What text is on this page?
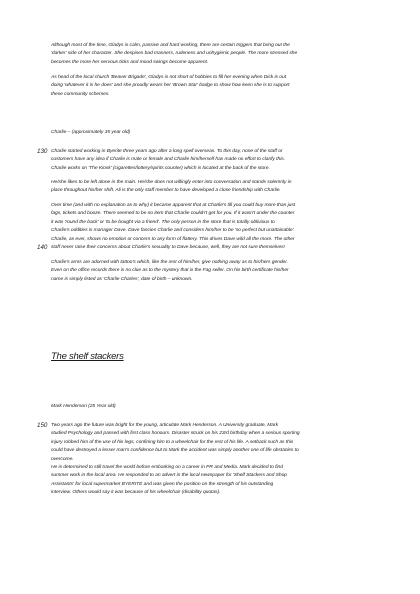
Although most of the time, Gladys is calm, passive and hard working, there are certain triggers that bring out the

'darker' side of her character. She despises bad manners, rudeness and unhygienic people. The more stressed she

becomes the more her nervous ticks and mood swings become apparent.

As head of the local church 'Beaver Brigade', Gladys is not short of hobbies to fill her evening when Dick is out

doing 'whatever it is he does' and she proudly wears her 'Brown Star' badge to show how keen she is to support

these community schemes.

Charlie – (approximately 35 year old)

130 Charlie started working in Byerite three years ago after a long spell overseas. To this day, none of the staff or

customers have any idea if Charlie is male or female and Charlie him/herself has made no effort to clarify this.

Charlie works on 'The Kiosk' (cigarettes/lottery/spirits counter) which is located at the back of the store.

He/she likes to be left alone in the main. He/she does not willingly enter into conversation and stands solemnly in

place throughout his/her shift. Ali is the only staff member to have developed a close friendship with Charlie.

Over time (and with no explanation as to why) it became apparent that at Charlie's till you could buy more than just

fags, tickets and booze. There seemed to be no item that Charlie couldn't get for you. If it wasn't under the counter

it was 'round the back' or 'to be bought via a friend'. The only person in the store that is totally oblivious to

Charlie's oddities is manager Dave. Dave fancies Charlie and considers him/her to be 'so perfect but unattainable'.

Charlie, as ever, shows no emotion or concern to any form of flattery. This drives Dave wild all the more. The other

staff never raise their concerns about Charlie's sexuality to Dave because, well, they are not sure themselves!

140

Charlie's arms are adorned with tattoo's which, like the rest of him/her, give nothing away as to his/hers gender.

Even on the office records there is no clue as to the mystery that is the Fag seller. On his birth certificate his/her

name is simply listed as 'Charlie Charles', date of birth – unknown.

The shelf stackers

Mark Henderson (25 Year old)

150 Two years ago the future was bright for the young, articulate Mark Henderson. A University graduate, Mark

studied Psychology and passed with first class honours. Disaster struck on his 23rd birthday when a serious sporting

injury robbed him of the use of his legs, confining him to a wheelchair for the rest of his life. A setback such as this

could have destroyed a lesser man's confidence but to Mark the accident was simply another one of life obstacles to

overcome.

He is determined to still travel the world before embarking on a career in PR and Media. Mark decided to find

summer work in the local area. He responded to an advert in the local newspaper for 'Shelf Stackers and Shop

Assistants' for local supermarket BYERITE and was given the position on the strength of his outstanding

interview. Others would say it was because of his wheelchair (disability quotas).
